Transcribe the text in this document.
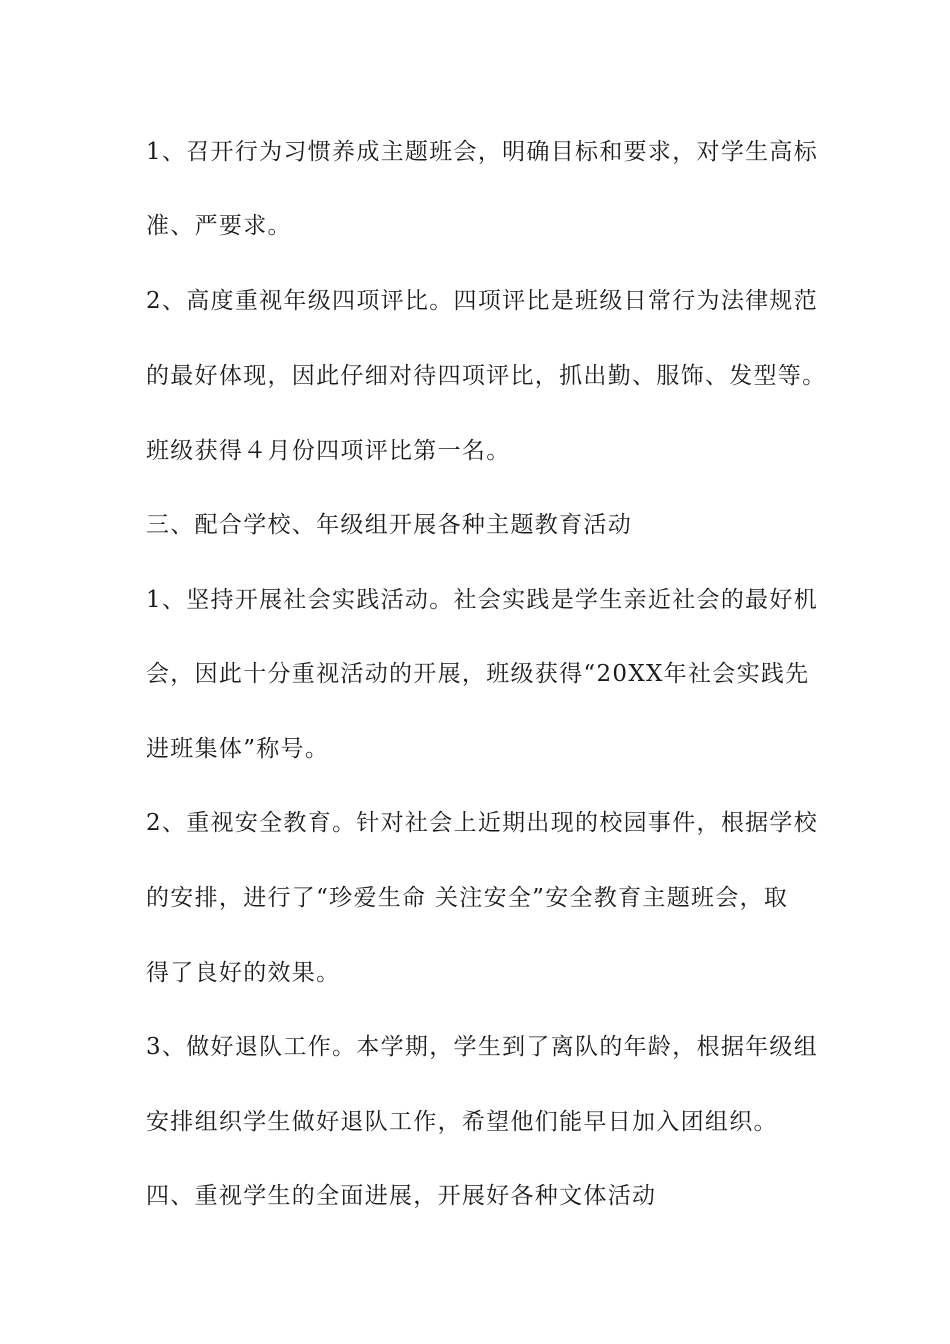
1、召开行为习惯养成主题班会，明确目标和要求，对学生高标
准、严要求。
2、高度重视年级四项评比。四项评比是班级日常行为法律规范
的最好体现，因此仔细对待四项评比，抓出勤、服饰、发型等。
班级获得４月份四项评比第一名。
三、配合学校、年级组开展各种主题教育活动
1、坚持开展社会实践活动。社会实践是学生亲近社会的最好机
会，因此十分重视活动的开展，班级获得“20XX年社会实践先
进班集体”称号。
2、重视安全教育。针对社会上近期出现的校园事件，根据学校
的安排，进行了“珍爱生命 关注安全”安全教育主题班会，取
得了良好的效果。
3、做好退队工作。本学期，学生到了离队的年龄，根据年级组
安排组织学生做好退队工作，希望他们能早日加入团组织。
四、重视学生的全面进展，开展好各种文体活动
